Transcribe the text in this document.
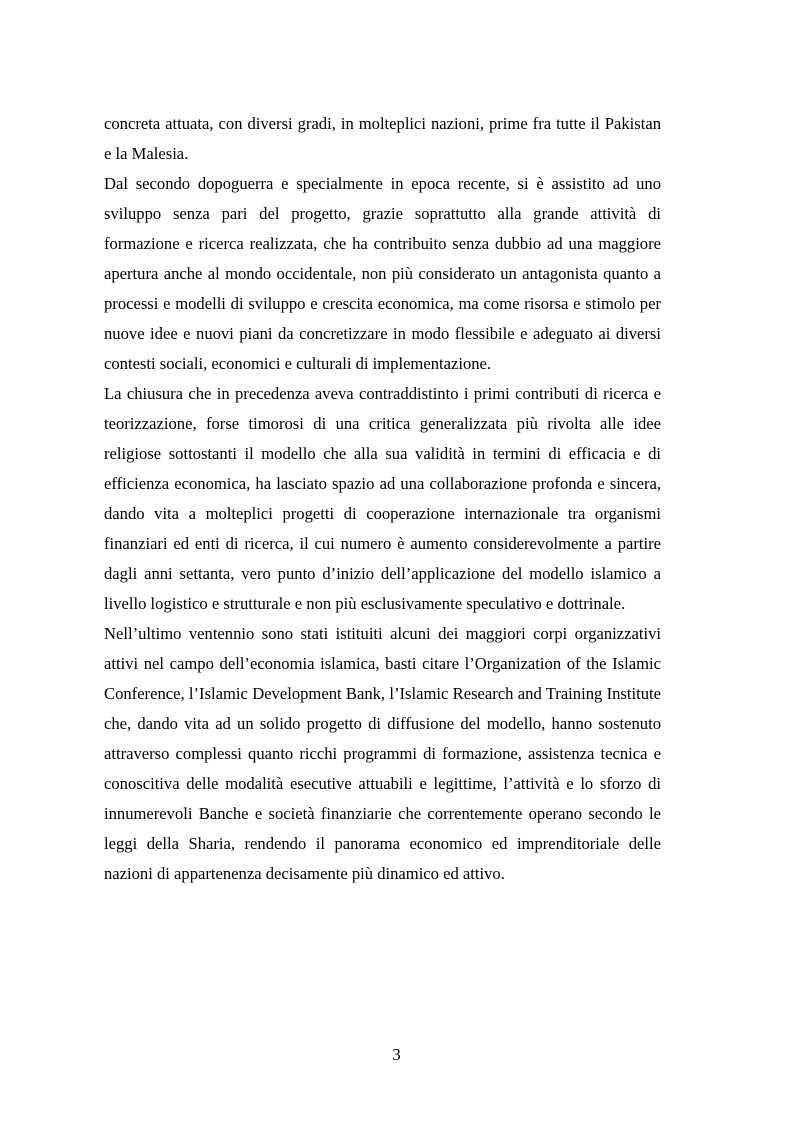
concreta attuata, con diversi gradi, in molteplici nazioni, prime fra tutte il Pakistan e la Malesia.

Dal secondo dopoguerra e specialmente in epoca recente, si è assistito ad uno sviluppo senza pari del progetto, grazie soprattutto alla grande attività di formazione e ricerca realizzata, che ha contribuito senza dubbio ad una maggiore apertura anche al mondo occidentale, non più considerato un antagonista quanto a processi e modelli di sviluppo e crescita economica, ma come risorsa e stimolo per nuove idee e nuovi piani da concretizzare in modo flessibile e adeguato ai diversi contesti sociali, economici e culturali di implementazione.

La chiusura che in precedenza aveva contraddistinto i primi contributi di ricerca e teorizzazione, forse timorosi di una critica generalizzata più rivolta alle idee religiose sottostanti il modello che alla sua validità in termini di efficacia e di efficienza economica, ha lasciato spazio ad una collaborazione profonda e sincera, dando vita a molteplici progetti di cooperazione internazionale tra organismi finanziari ed enti di ricerca, il cui numero è aumento considerevolmente a partire dagli anni settanta, vero punto d’inizio dell’applicazione del modello islamico a livello logistico e strutturale e non più esclusivamente speculativo e dottrinale.

Nell’ultimo ventennio sono stati istituiti alcuni dei maggiori corpi organizzativi attivi nel campo dell’economia islamica, basti citare l’Organization of the Islamic Conference, l’Islamic Development Bank, l’Islamic Research and Training Institute che, dando vita ad un solido progetto di diffusione del modello, hanno sostenuto attraverso complessi quanto ricchi programmi di formazione, assistenza tecnica e conoscitiva delle modalità esecutive attuabili e legittime, l’attività e lo sforzo di innumerevoli Banche e società finanziarie che correntemente operano secondo le leggi della Sharia, rendendo il panorama economico ed imprenditoriale delle nazioni di appartenenza decisamente più dinamico ed attivo.

3
